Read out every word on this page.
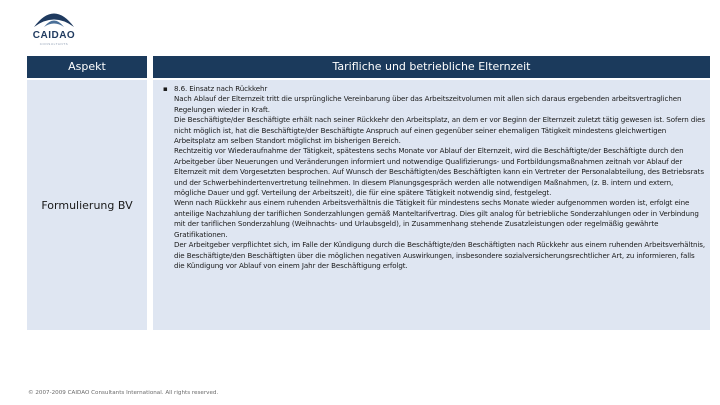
CAIDAO
CONSULTANTS
Aspekt	Tarifliche und betriebliche Elternzeit
Formulierung BV
▪ 8.6. Einsatz nach Rückkehr
Nach Ablauf der Elternzeit tritt die ursprüngliche Vereinbarung über das Arbeitszeitvolumen mit allen sich daraus ergebenden arbeitsvertraglichen Regelungen wieder in Kraft.
Die Beschäftigte/der Beschäftigte erhält nach seiner Rückkehr den Arbeitsplatz, an dem er vor Beginn der Elternzeit zuletzt tätig gewesen ist. Sofern dies nicht möglich ist, hat die Beschäftigte/der Beschäftigte Anspruch auf einen gegenüber seiner ehemaligen Tätigkeit mindestens gleichwertigen Arbeitsplatz am selben Standort möglichst im bisherigen Bereich.
Rechtzeitig vor Wiederaufnahme der Tätigkeit, spätestens sechs Monate vor Ablauf der Elternzeit, wird die Beschäftigte/der Beschäftigte durch den Arbeitgeber über Neuerungen und Veränderungen informiert und notwendige Qualifizierungs- und Fortbildungsmaßnahmen zeitnah vor Ablauf der Elternzeit mit dem Vorgesetzten besprochen. Auf Wunsch der Beschäftigten/des Beschäftigten kann ein Vertreter der Personalabteilung, des Betriebsrats und der Schwerbehindertenvertretung teilnehmen. In diesem Planungsgespräch werden alle notwendigen Maßnahmen, (z. B. intern und extern, mögliche Dauer und ggf. Verteilung der Arbeitszeit), die für eine spätere Tätigkeit notwendig sind, festgelegt.
Wenn nach Rückkehr aus einem ruhenden Arbeitsverhältnis die Tätigkeit für mindestens sechs Monate wieder aufgenommen worden ist, erfolgt eine anteilige Nachzahlung der tariflichen Sonderzahlungen gemäß Manteltarifvertrag. Dies gilt analog für betriebliche Sonderzahlungen oder in Verbindung mit der tariflichen Sonderzahlung (Weihnachts- und Urlaubsgeld), in Zusammenhang stehende Zusatzleistungen oder regelmäßig gewährte Gratifikationen.
Der Arbeitgeber verpflichtet sich, im Falle der Kündigung durch die Beschäftigte/den Beschäftigten nach Rückkehr aus einem ruhenden Arbeitsverhältnis, die Beschäftigte/den Beschäftigten über die möglichen negativen Auswirkungen, insbesondere sozialversicherungsrechtlicher Art, zu informieren, falls die Kündigung vor Ablauf von einem Jahr der Beschäftigung erfolgt.
© 2007-2009 CAIDAO Consultants International. All rights reserved.
